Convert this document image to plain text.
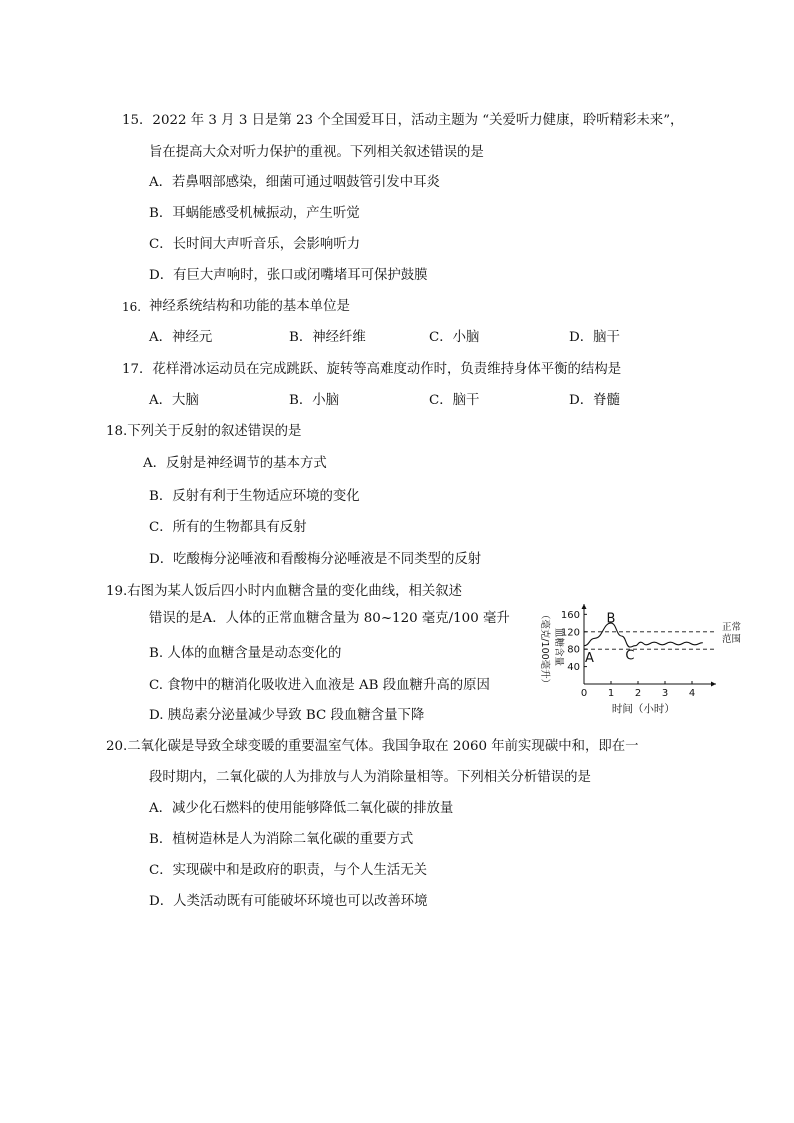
15．2022 年 3 月 3 日是第 23 个全国爱耳日，活动主题为 “关爱听力健康，聆听精彩未来”，
旨在提高大众对听力保护的重视。下列相关叙述错误的是
A．若鼻咽部感染，细菌可通过咽鼓管引发中耳炎
B．耳蜗能感受机械振动，产生听觉
C．长时间大声听音乐，会影响听力
D．有巨大声响时，张口或闭嘴堵耳可保护鼓膜
16. 神经系统结构和功能的基本单位是
A．神经元	B．神经纤维	C．小脑	D．脑干
17．花样滑冰运动员在完成跳跃、旋转等高难度动作时，负责维持身体平衡的结构是
A．大脑	B．小脑	C．脑干	D．脊髓
18.下列关于反射的叙述错误的是
A．反射是神经调节的基本方式
B．反射有利于生物适应环境的变化
C．所有的生物都具有反射
D．吃酸梅分泌唾液和看酸梅分泌唾液是不同类型的反射
19.右图为某人饭后四小时内血糖含量的变化曲线，相关叙述
错误的是A．人体的正常血糖含量为 80~120 毫克/100 毫升
B. 人体的血糖含量是动态变化的
C. 食物中的糖消化吸收进入血液是 AB 段血糖升高的原因
D. 胰岛素分泌量减少导致 BC 段血糖含量下降
40
80
120
160
0 1 2 3 4
正常
范围
A
B
C
血糖含量
（毫克/100毫升）
时间（小时）
20.二氧化碳是导致全球变暖的重要温室气体。我国争取在 2060 年前实现碳中和，即在一
段时期内，二氧化碳的人为排放与人为消除量相等。下列相关分析错误的是
A．减少化石燃料的使用能够降低二氧化碳的排放量
B．植树造林是人为消除二氧化碳的重要方式
C．实现碳中和是政府的职责，与个人生活无关
D．人类活动既有可能破坏环境也可以改善环境
